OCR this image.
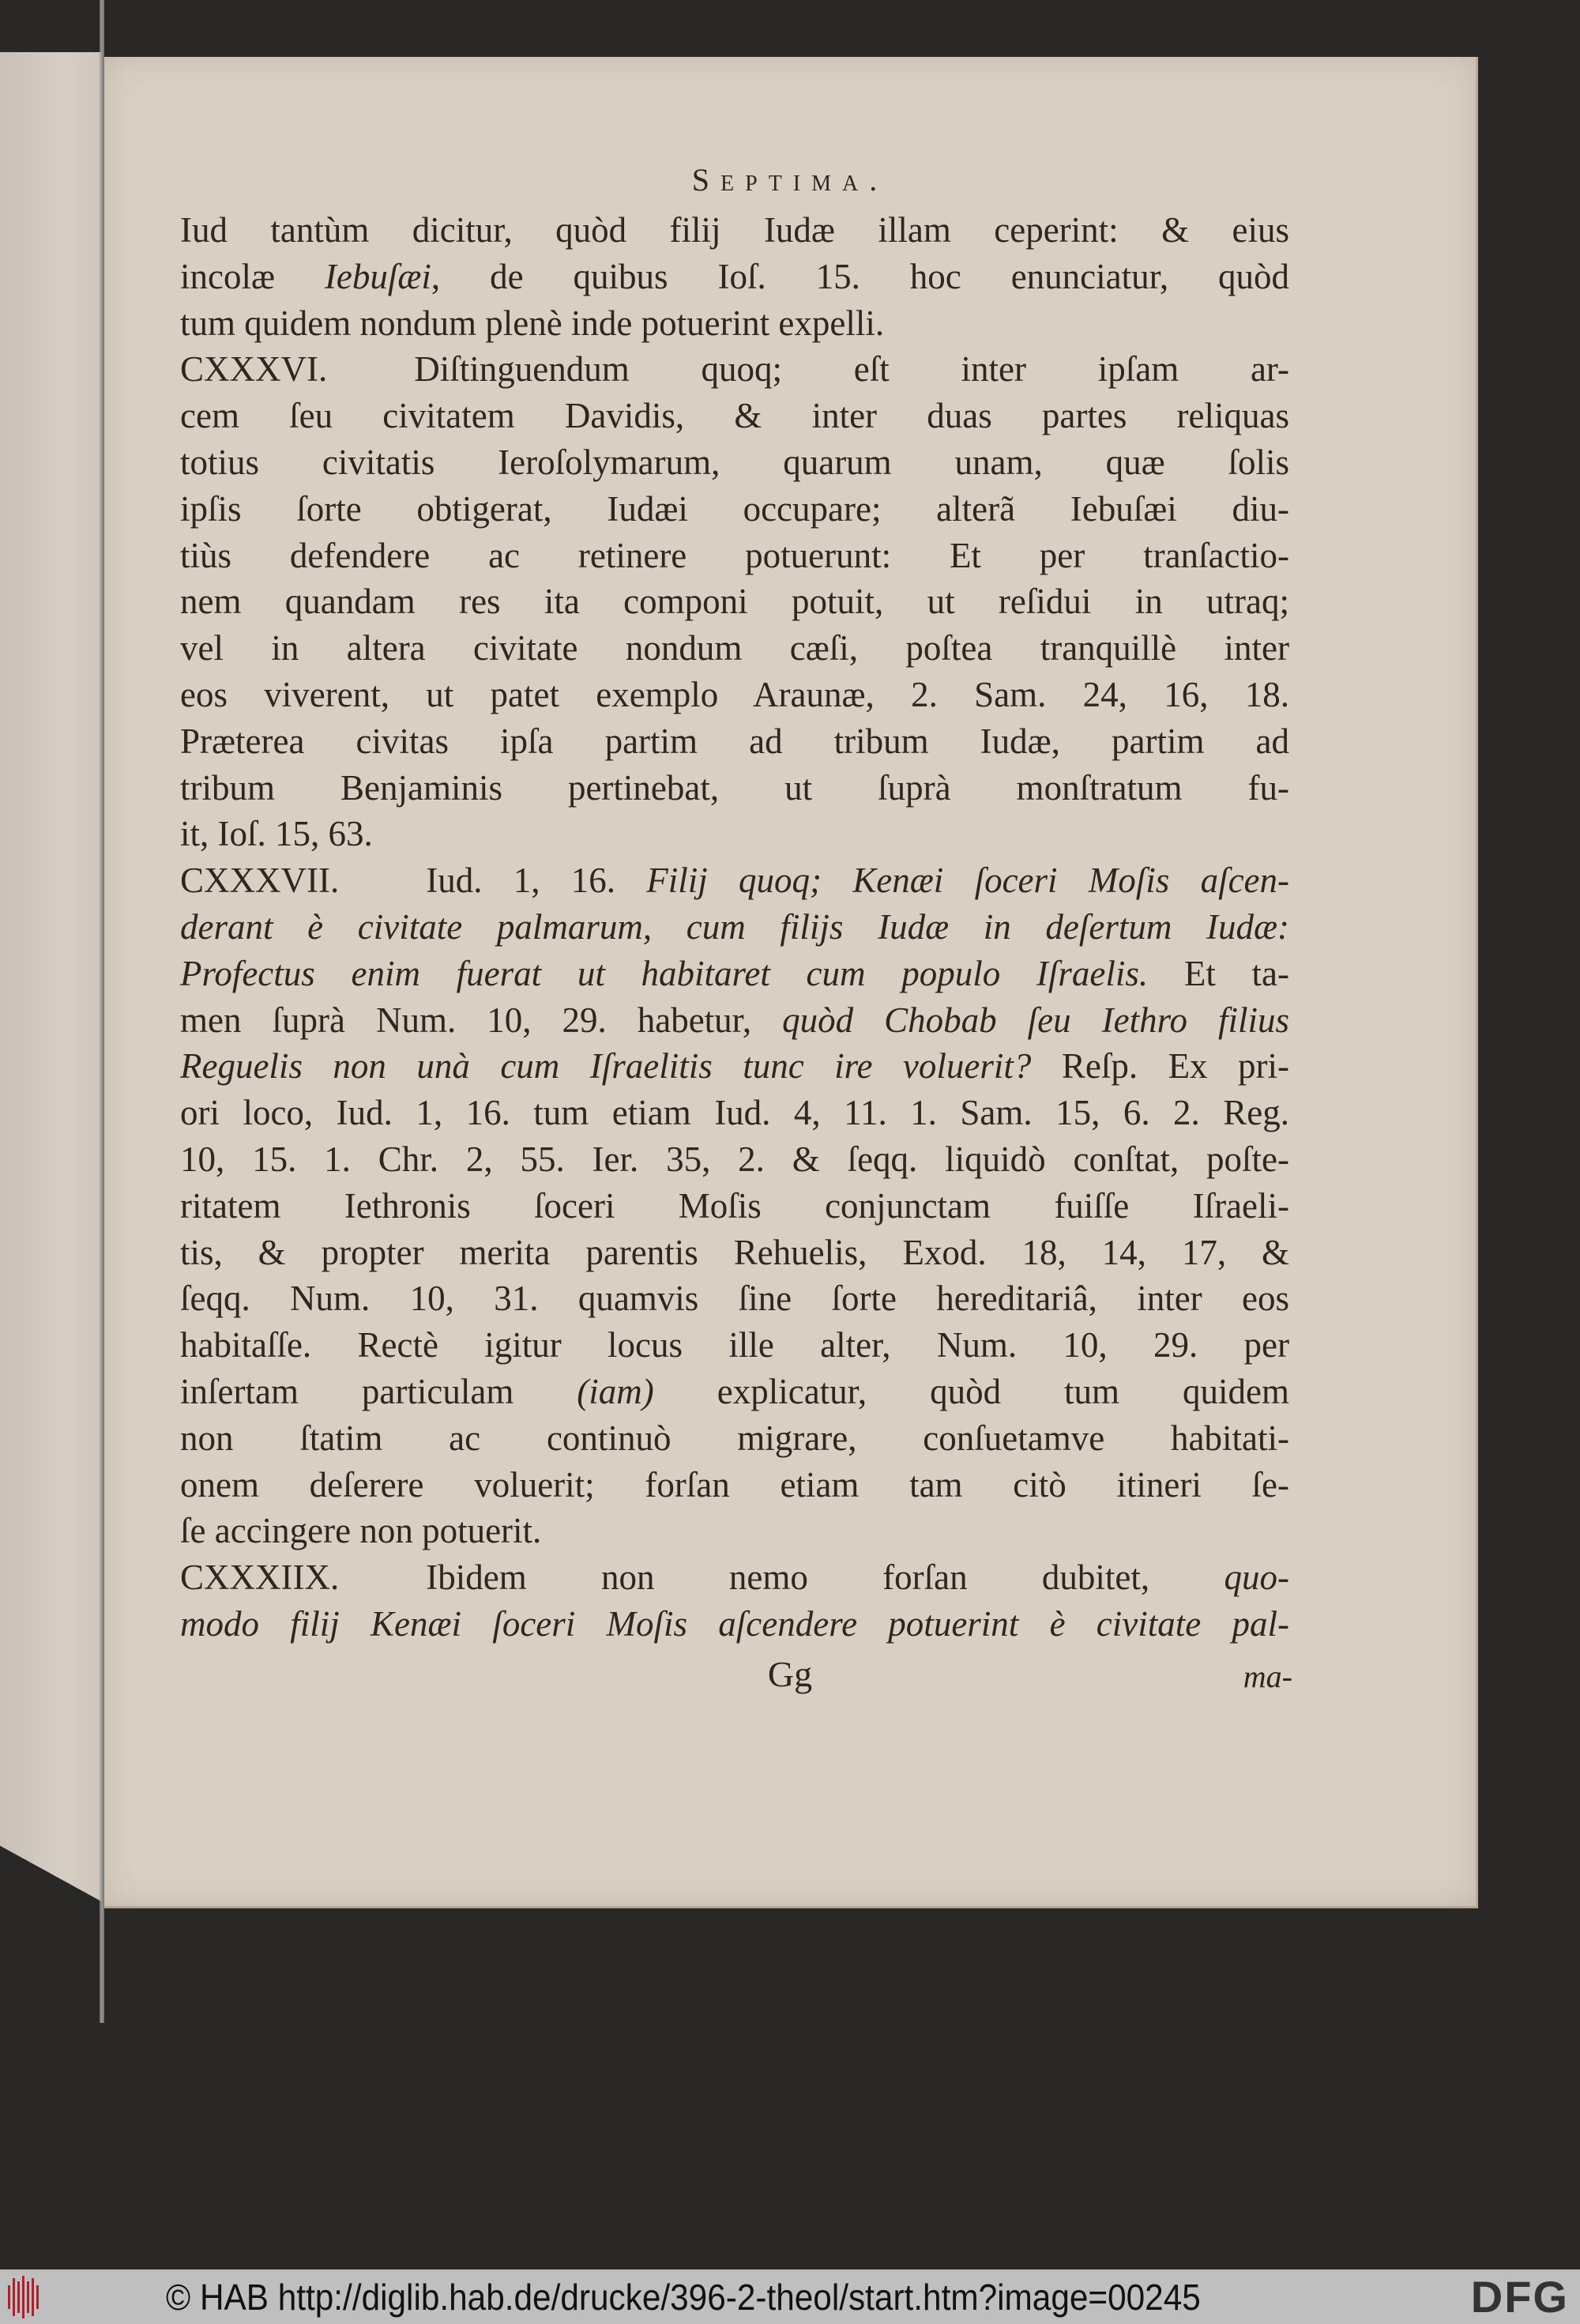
Septima.
Iud tantùm dicitur, quòd filij Iudæ illam ceperint: & eius
incolæ Iebuſæi, de quibus Ioſ. 15. hoc enunciatur, quòd
tum quidem nondum plenè inde potuerint expelli.
CXXXVI. Diſtinguendum quoq; eſt inter ipſam ar-
cem ſeu civitatem Davidis, & inter duas partes reliquas
totius civitatis Ieroſolymarum, quarum unam, quæ ſolis
ipſis ſorte obtigerat, Iudæi occupare; alterã Iebuſæi diu-
tiùs defendere ac retinere potuerunt: Et per tranſactio-
nem quandam res ita componi potuit, ut reſidui in utraq;
vel in altera civitate nondum cæſi, poſtea tranquillè inter
eos viverent, ut patet exemplo Araunæ, 2. Sam. 24, 16, 18.
Præterea civitas ipſa partim ad tribum Iudæ, partim ad
tribum Benjaminis pertinebat, ut ſuprà monſtratum fu-
it, Ioſ. 15, 63.
CXXXVII. Iud. 1, 16. Filij quoq; Kenæi ſoceri Moſis aſcen-
derant è civitate palmarum, cum filijs Iudæ in deſertum Iudæ:
Profectus enim fuerat ut habitaret cum populo Iſraelis. Et ta-
men ſuprà Num. 10, 29. habetur, quòd Chobab ſeu Iethro filius
Reguelis non unà cum Iſraelitis tunc ire voluerit? Reſp. Ex pri-
ori loco, Iud. 1, 16. tum etiam Iud. 4, 11. 1. Sam. 15, 6. 2. Reg.
10, 15. 1. Chr. 2, 55. Ier. 35, 2. & ſeqq. liquidò conſtat, poſte-
ritatem Iethronis ſoceri Moſis conjunctam fuiſſe Iſraeli-
tis, & propter merita parentis Rehuelis, Exod. 18, 14, 17, &
ſeqq. Num. 10, 31. quamvis ſine ſorte hereditariâ, inter eos
habitaſſe. Rectè igitur locus ille alter, Num. 10, 29. per
inſertam particulam (iam) explicatur, quòd tum quidem
non ſtatim ac continuò migrare, conſuetamve habitati-
onem deſerere voluerit; forſan etiam tam citò itineri ſe-
ſe accingere non potuerit.
CXXXIIX. Ibidem non nemo forſan dubitet, quo-
modo filij Kenæi ſoceri Moſis aſcendere potuerint è civitate pal-
Gg	ma-
© HAB http://diglib.hab.de/drucke/396-2-theol/start.htm?image=00245	DFG
